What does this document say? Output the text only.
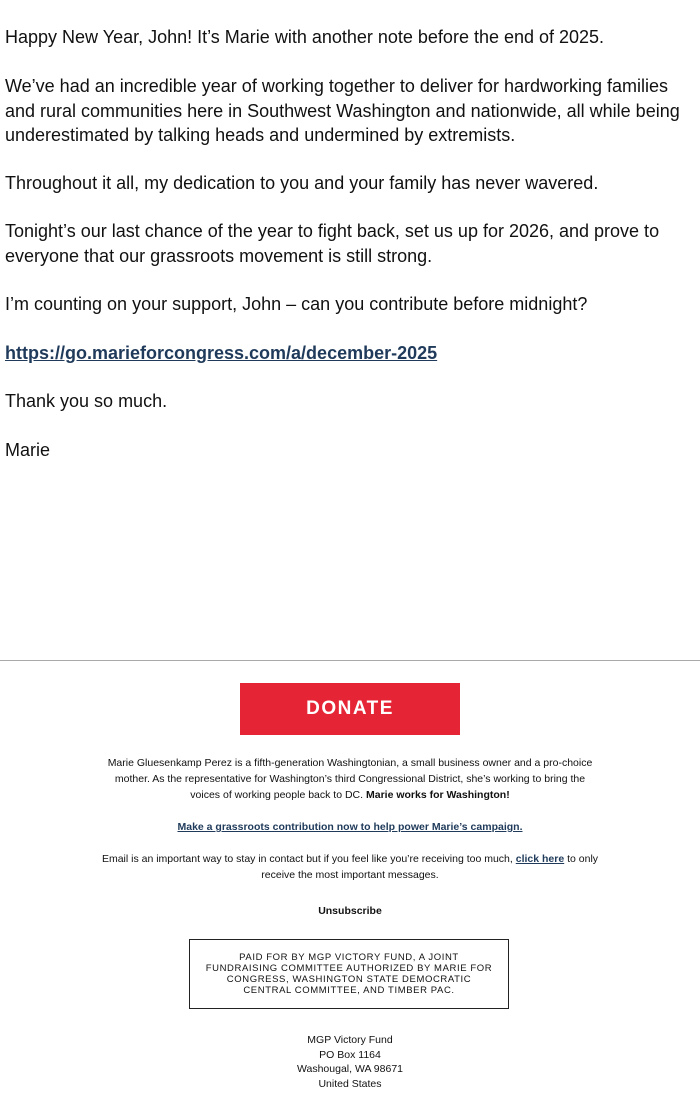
Happy New Year, John! It’s Marie with another note before the end of 2025.

We’ve had an incredible year of working together to deliver for hardworking families and rural communities here in Southwest Washington and nationwide, all while being underestimated by talking heads and undermined by extremists.

Throughout it all, my dedication to you and your family has never wavered.

Tonight’s our last chance of the year to fight back, set us up for 2026, and prove to everyone that our grassroots movement is still strong.

I’m counting on your support, John – can you contribute before midnight?

https://go.marieforcongress.com/a/december-2025

Thank you so much.

Marie

DONATE
Marie Gluesenkamp Perez is a fifth-generation Washingtonian, a small business owner and a pro-choice mother. As the representative for Washington’s third Congressional District, she’s working to bring the voices of working people back to DC. Marie works for Washington!
Make a grassroots contribution now to help power Marie’s campaign.
Email is an important way to stay in contact but if you feel like you’re receiving too much, click here to only receive the most important messages.
Unsubscribe
PAID FOR BY MGP VICTORY FUND, A JOINT FUNDRAISING COMMITTEE AUTHORIZED BY MARIE FOR CONGRESS, WASHINGTON STATE DEMOCRATIC CENTRAL COMMITTEE, AND TIMBER PAC.
MGP Victory Fund
PO Box 1164
Washougal, WA 98671
United States
